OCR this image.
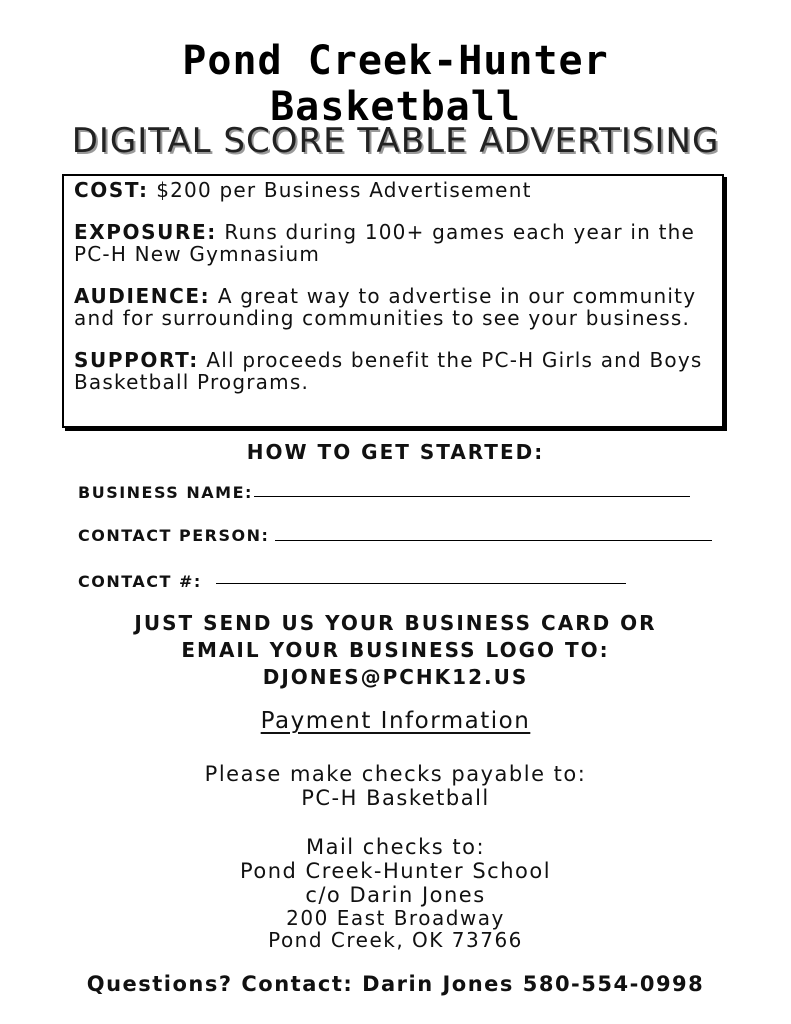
Pond Creek-Hunter
Basketball
DIGITAL SCORE TABLE ADVERTISING
COST: $200 per Business Advertisement
EXPOSURE: Runs during 100+ games each year in the PC-H New Gymnasium
AUDIENCE: A great way to advertise in our community and for surrounding communities to see your business.
SUPPORT: All proceeds benefit the PC-H Girls and Boys Basketball Programs.
HOW TO GET STARTED:
BUSINESS NAME:
CONTACT PERSON:
CONTACT #:
JUST SEND US YOUR BUSINESS CARD OR
EMAIL YOUR BUSINESS LOGO TO:
DJONES@PCHK12.US
Payment Information
Please make checks payable to:
PC-H Basketball
Mail checks to:
Pond Creek-Hunter School
c/o Darin Jones
200 East Broadway
Pond Creek, OK 73766
Questions? Contact: Darin Jones 580-554-0998
